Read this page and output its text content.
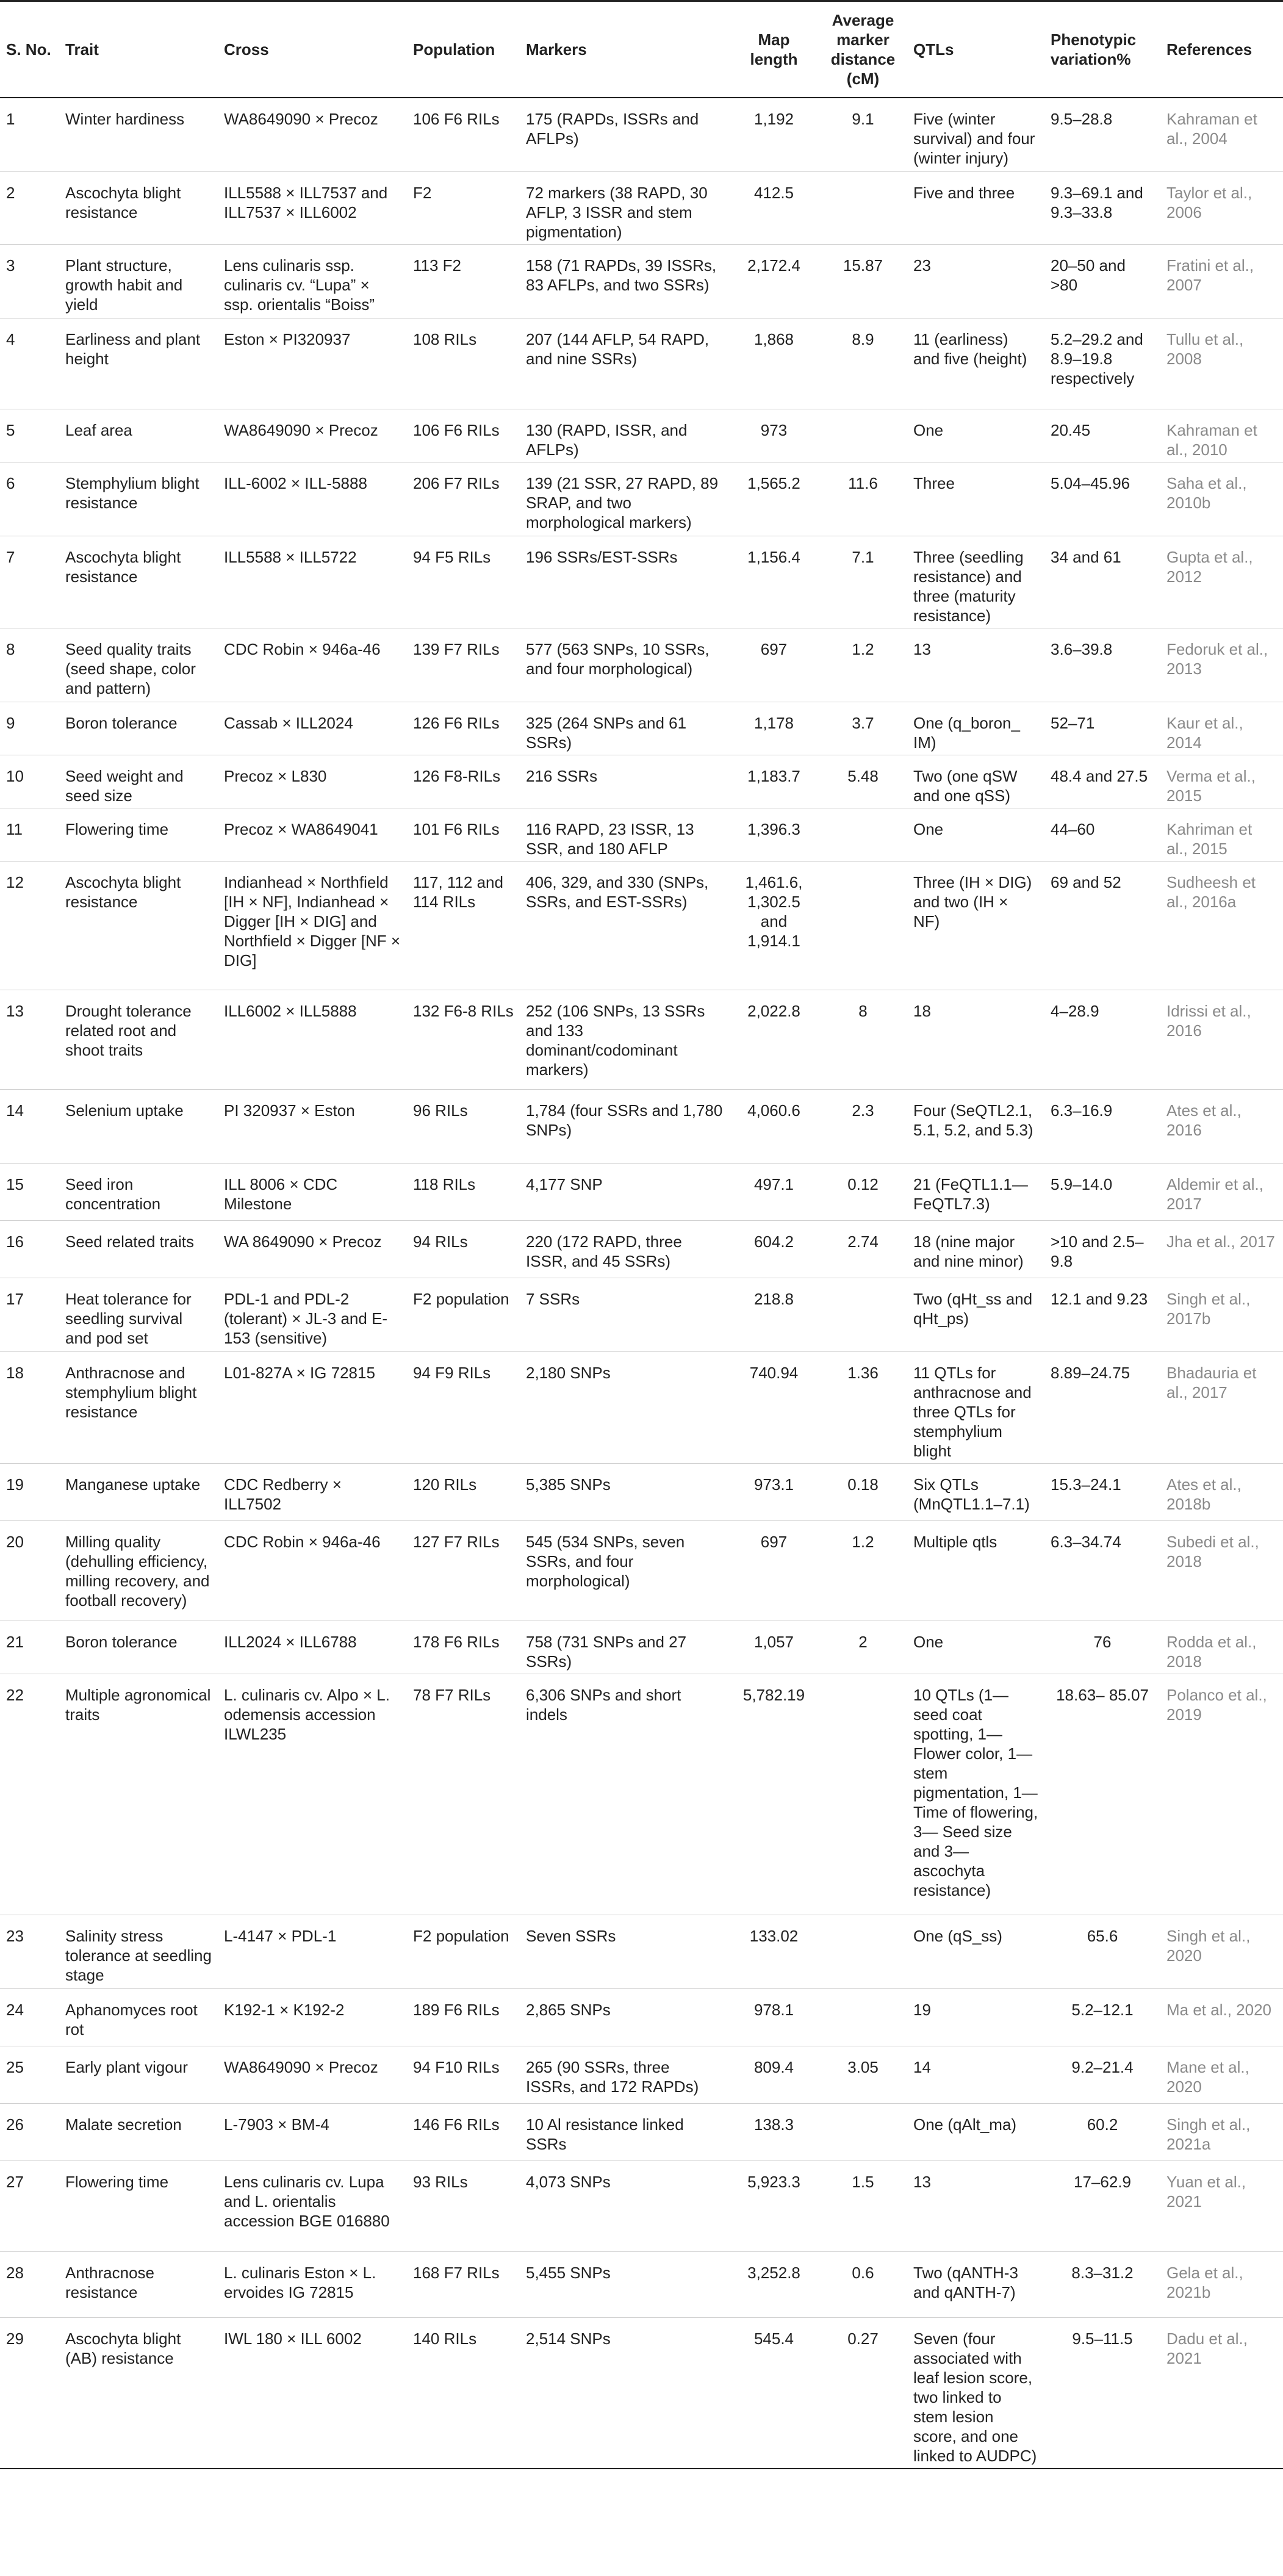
S. No.	Trait	Cross	Population	Markers	Map length	Average marker distance (cM)	QTLs	Phenotypic variation%	References
1	Winter hardiness	WA8649090 × Precoz	106 F6 RILs	175 (RAPDs, ISSRs and AFLPs)	1,192	9.1	Five (winter survival) and four (winter injury)	9.5–28.8	Kahraman et al., 2004
2	Ascochyta blight resistance	ILL5588 × ILL7537 and ILL7537 × ILL6002	F2	72 markers (38 RAPD, 30 AFLP, 3 ISSR and stem pigmentation)	412.5		Five and three	9.3–69.1 and 9.3–33.8	Taylor et al., 2006
3	Plant structure, growth habit and yield	Lens culinaris ssp. culinaris cv. “Lupa” × ssp. orientalis “Boiss”	113 F2	158 (71 RAPDs, 39 ISSRs, 83 AFLPs, and two SSRs)	2,172.4	15.87	23	20–50 and >80	Fratini et al., 2007
4	Earliness and plant height	Eston × PI320937	108 RILs	207 (144 AFLP, 54 RAPD, and nine SSRs)	1,868	8.9	11 (earliness) and five (height)	5.2–29.2 and 8.9–19.8 respectively	Tullu et al., 2008
5	Leaf area	WA8649090 × Precoz	106 F6 RILs	130 (RAPD, ISSR, and AFLPs)	973		One	20.45	Kahraman et al., 2010
6	Stemphylium blight resistance	ILL-6002 × ILL-5888	206 F7 RILs	139 (21 SSR, 27 RAPD, 89 SRAP, and two morphological markers)	1,565.2	11.6	Three	5.04–45.96	Saha et al., 2010b
7	Ascochyta blight resistance	ILL5588 × ILL5722	94 F5 RILs	196 SSRs/EST-SSRs	1,156.4	7.1	Three (seedling resistance) and three (maturity resistance)	34 and 61	Gupta et al., 2012
8	Seed quality traits (seed shape, color and pattern)	CDC Robin × 946a-46	139 F7 RILs	577 (563 SNPs, 10 SSRs, and four morphological)	697	1.2	13	3.6–39.8	Fedoruk et al., 2013
9	Boron tolerance	Cassab × ILL2024	126 F6 RILs	325 (264 SNPs and 61 SSRs)	1,178	3.7	One (q_boron_ IM)	52–71	Kaur et al., 2014
10	Seed weight and seed size	Precoz × L830	126 F8-RILs	216 SSRs	1,183.7	5.48	Two (one qSW and one qSS)	48.4 and 27.5	Verma et al., 2015
11	Flowering time	Precoz × WA8649041	101 F6 RILs	116 RAPD, 23 ISSR, 13 SSR, and 180 AFLP	1,396.3		One	44–60	Kahriman et al., 2015
12	Ascochyta blight resistance	Indianhead × Northfield [IH × NF], Indianhead × Digger [IH × DIG] and Northfield × Digger [NF × DIG]	117, 112 and 114 RILs	406, 329, and 330 (SNPs, SSRs, and EST-SSRs)	1,461.6, 1,302.5 and 1,914.1		Three (IH × DIG) and two (IH × NF)	69 and 52	Sudheesh et al., 2016a
13	Drought tolerance related root and shoot traits	ILL6002 × ILL5888	132 F6-8 RILs	252 (106 SNPs, 13 SSRs and 133 dominant/codominant markers)	2,022.8	8	18	4–28.9	Idrissi et al., 2016
14	Selenium uptake	PI 320937 × Eston	96 RILs	1,784 (four SSRs and 1,780 SNPs)	4,060.6	2.3	Four (SeQTL2.1, 5.1, 5.2, and 5.3)	6.3–16.9	Ates et al., 2016
15	Seed iron concentration	ILL 8006 × CDC Milestone	118 RILs	4,177 SNP	497.1	0.12	21 (FeQTL1.1— FeQTL7.3)	5.9–14.0	Aldemir et al., 2017
16	Seed related traits	WA 8649090 × Precoz	94 RILs	220 (172 RAPD, three ISSR, and 45 SSRs)	604.2	2.74	18 (nine major and nine minor)	>10 and 2.5–9.8	Jha et al., 2017
17	Heat tolerance for seedling survival and pod set	PDL-1 and PDL-2 (tolerant) × JL-3 and E-153 (sensitive)	F2 population	7 SSRs	218.8		Two (qHt_ss and qHt_ps)	12.1 and 9.23	Singh et al., 2017b
18	Anthracnose and stemphylium blight resistance	L01-827A × IG 72815	94 F9 RILs	2,180 SNPs	740.94	1.36	11 QTLs for anthracnose and three QTLs for stemphylium blight	8.89–24.75	Bhadauria et al., 2017
19	Manganese uptake	CDC Redberry × ILL7502	120 RILs	5,385 SNPs	973.1	0.18	Six QTLs (MnQTL1.1–7.1)	15.3–24.1	Ates et al., 2018b
20	Milling quality (dehulling efficiency, milling recovery, and football recovery)	CDC Robin × 946a-46	127 F7 RILs	545 (534 SNPs, seven SSRs, and four morphological)	697	1.2	Multiple qtls	6.3–34.74	Subedi et al., 2018
21	Boron tolerance	ILL2024 × ILL6788	178 F6 RILs	758 (731 SNPs and 27 SSRs)	1,057	2	One	76	Rodda et al., 2018
22	Multiple agronomical traits	L. culinaris cv. Alpo × L. odemensis accession ILWL235	78 F7 RILs	6,306 SNPs and short indels	5,782.19		10 QTLs (1— seed coat spotting, 1— Flower color, 1—stem pigmentation, 1—Time of flowering, 3— Seed size and 3—ascochyta resistance)	18.63– 85.07	Polanco et al., 2019
23	Salinity stress tolerance at seedling stage	L-4147 × PDL-1	F2 population	Seven SSRs	133.02		One (qS_ss)	65.6	Singh et al., 2020
24	Aphanomyces root rot	K192-1 × K192-2	189 F6 RILs	2,865 SNPs	978.1		19	5.2–12.1	Ma et al., 2020
25	Early plant vigour	WA8649090 × Precoz	94 F10 RILs	265 (90 SSRs, three ISSRs, and 172 RAPDs)	809.4	3.05	14	9.2–21.4	Mane et al., 2020
26	Malate secretion	L-7903 × BM-4	146 F6 RILs	10 Al resistance linked SSRs	138.3		One (qAlt_ma)	60.2	Singh et al., 2021a
27	Flowering time	Lens culinaris cv. Lupa and L. orientalis accession BGE 016880	93 RILs	4,073 SNPs	5,923.3	1.5	13	17–62.9	Yuan et al., 2021
28	Anthracnose resistance	L. culinaris Eston × L. ervoides IG 72815	168 F7 RILs	5,455 SNPs	3,252.8	0.6	Two (qANTH-3 and qANTH-7)	8.3–31.2	Gela et al., 2021b
29	Ascochyta blight (AB) resistance	IWL 180 × ILL 6002	140 RILs	2,514 SNPs	545.4	0.27	Seven (four associated with leaf lesion score, two linked to stem lesion score, and one linked to AUDPC)	9.5–11.5	Dadu et al., 2021
